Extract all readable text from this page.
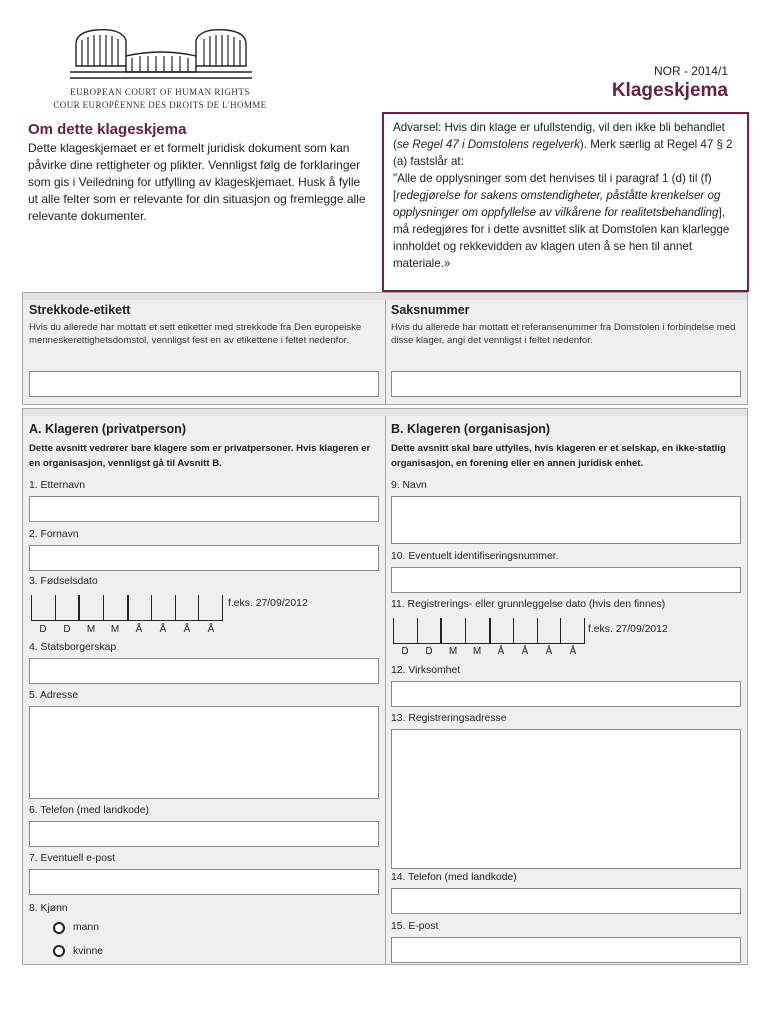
EUROPEAN COURT OF HUMAN RIGHTS
COUR EUROPÉENNE DES DROITS DE L'HOMME
NOR - 2014/1
Klageskjema
Om dette klageskjema
Dette klageskjemaet er et formelt juridisk dokument som kan påvirke dine rettigheter og plikter. Vennligst følg de forklaringer som gis i Veiledning for utfylling av klageskjemaet. Husk å fylle ut alle felter som er relevante for din situasjon og fremlegge alle relevante dokumenter.
Advarsel: Hvis din klage er ufullstendig, vil den ikke bli behandlet (se Regel 47 i Domstolens regelverk). Merk særlig at Regel 47 § 2 (a) fastslår at:
"Alle de opplysninger som det henvises til i paragraf 1 (d) til (f) [redegjørelse for sakens omstendigheter, påståtte krenkelser og opplysninger om oppfyllelse av vilkårene for realitetsbehandling], må redegjøres for i dette avsnittet slik at Domstolen kan klarlegge innholdet og rekkevidden av klagen uten å se hen til annet materiale.»
Strekkode-etikett
Hvis du allerede har mottatt et sett etiketter med strekkode fra Den europeiske menneskerettighetsdomstol, vennligst fest en av etikettene i feltet nedenfor.
Saksnummer
Hvis du allerede har mottatt et referansenummer fra Domstolen i forbindelse med disse klager, angi det vennligst i feltet nedenfor.
A. Klageren (privatperson)
Dette avsnitt vedrører bare klagere som er privatpersoner. Hvis klageren er en organisasjon, vennligst gå til Avsnitt B.
1. Etternavn
2. Fornavn
3. Fødselsdato
f.eks. 27/09/2012
D	D	M	M	Å	Å	Å	Å
4. Statsborgerskap
5. Adresse
6. Telefon (med landkode)
7. Eventuell e-post
8. Kjønn
mann
kvinne
B. Klageren (organisasjon)
Dette avsnitt skal bare utfylles, hvis klageren er et selskap, en ikke-statlig organisasjon, en forening eller en annen juridisk enhet.
9. Navn
10. Eventuelt identifiseringsnummer.
11. Registrerings- eller grunnleggelse dato (hvis den finnes)
f.eks. 27/09/2012
D	D	M	M	Å	Å	Å	Å
12. Virksomhet
13. Registreringsadresse
14. Telefon (med landkode)
15. E-post
